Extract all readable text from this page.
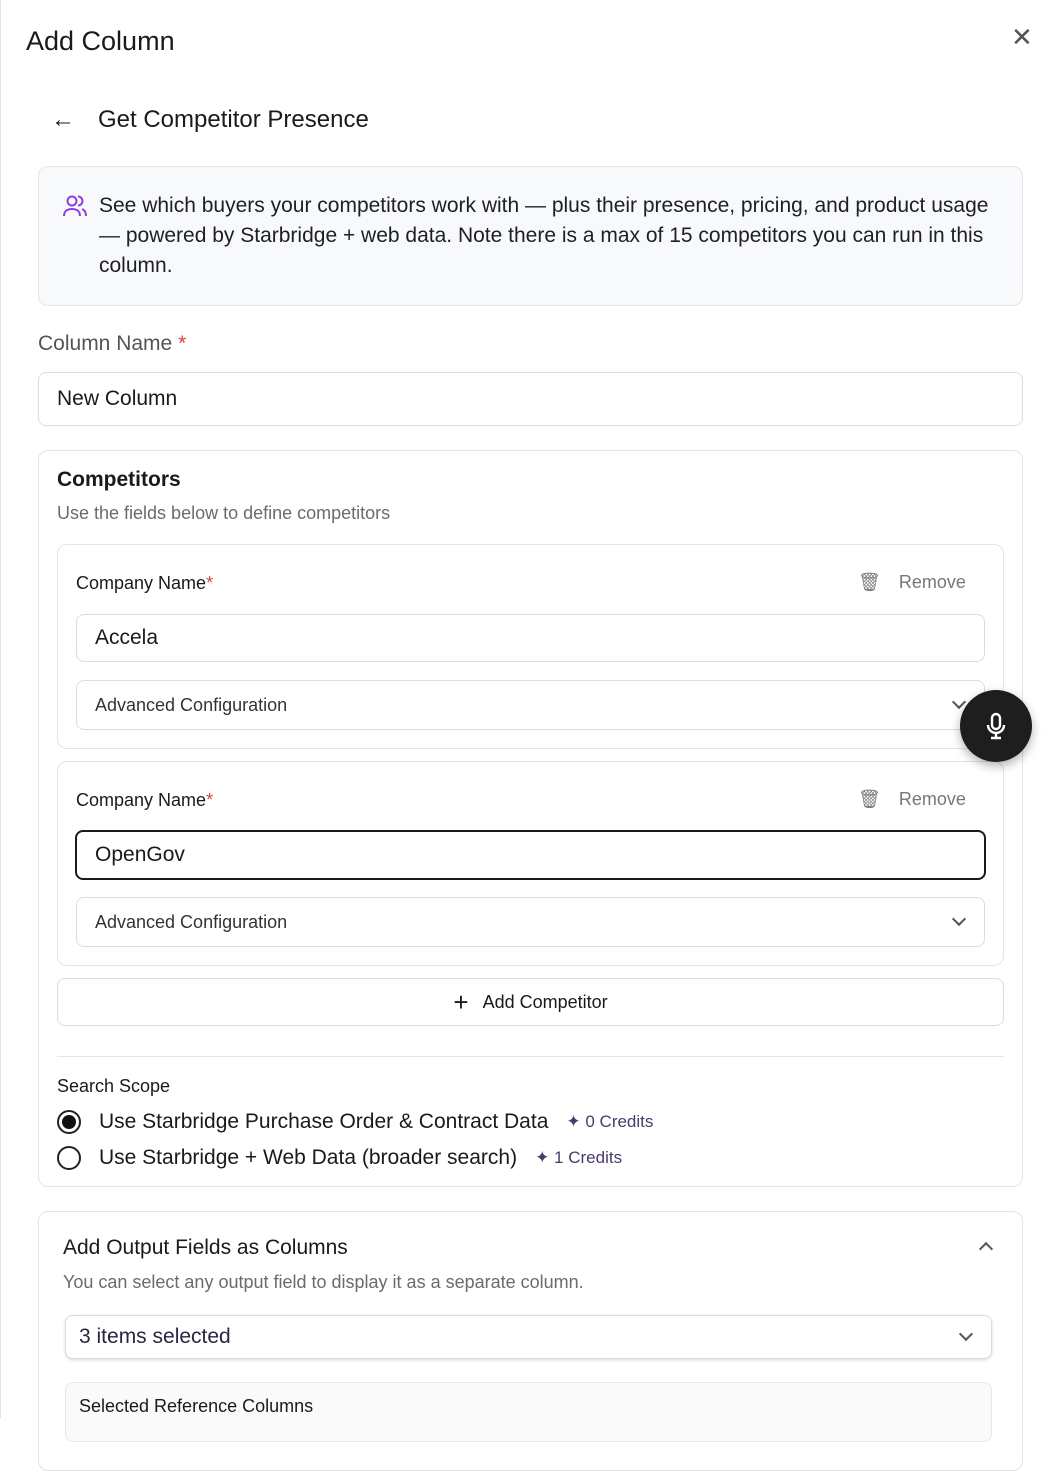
Add Column	✕
← Get Competitor Presence

See which buyers your competitors work with — plus their presence, pricing, and product usage — powered by Starbridge + web data. Note there is a max of 15 competitors you can run in this column.

Column Name *
New Column
Competitors
Use the fields below to define competitors
Company Name*	🗑 Remove
Accela
Advanced Configuration
Company Name*	🗑 Remove
OpenGov
Advanced Configuration
+ Add Competitor
Search Scope
Use Starbridge Purchase Order & Contract Data ✦ 0 Credits
Use Starbridge + Web Data (broader search) ✦ 1 Credits
Add Output Fields as Columns
You can select any output field to display it as a separate column.
3 items selected
Selected Reference Columns
